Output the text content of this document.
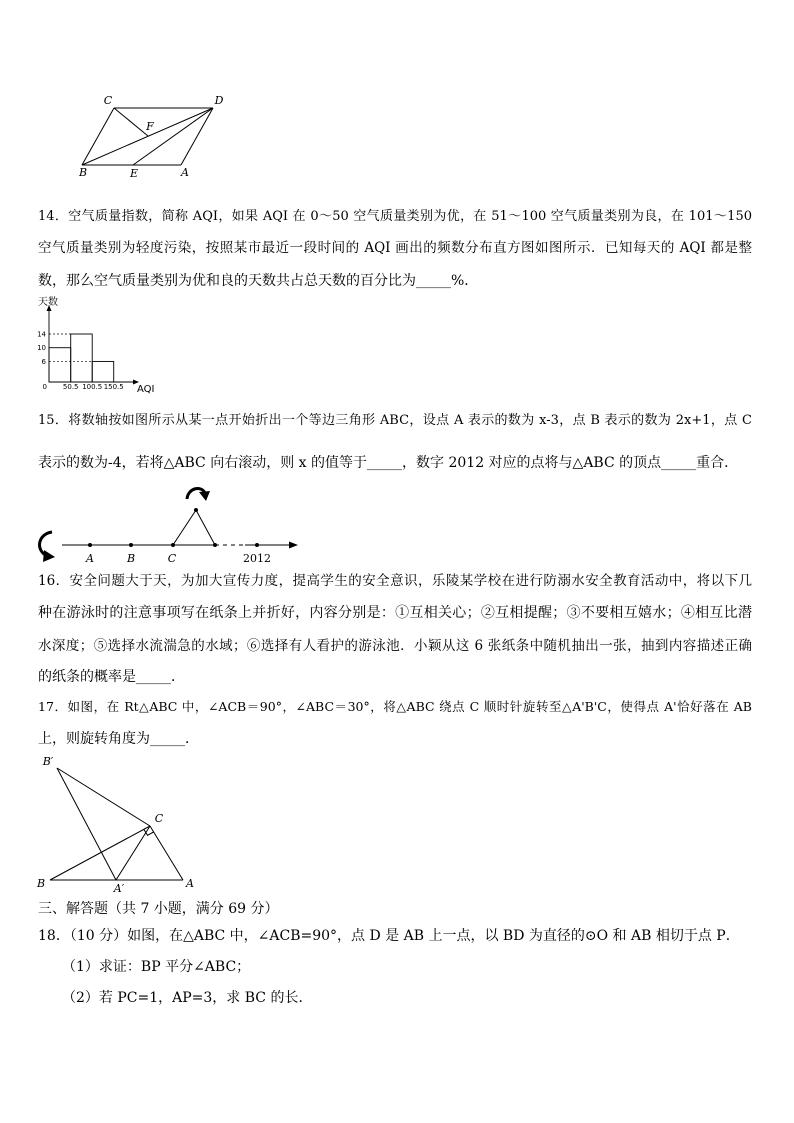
C	D
F
B	E	A
14．空气质量指数，简称 AQI，如果 AQI 在 0～50 空气质量类别为优，在 51～100 空气质量类别为良，在 101～150
空气质量类别为轻度污染，按照某市最近一段时间的 AQI 画出的频数分布直方图如图所示．已知每天的 AQI 都是整
数，那么空气质量类别为优和良的天数共占总天数的百分比为_____%．
14
10
6
0 50.5 100.5 150.5
天数
AQI
15．将数轴按如图所示从某一点开始折出一个等边三角形 ABC，设点 A 表示的数为 x-3，点 B 表示的数为 2x+1，点 C
表示的数为-4，若将△ABC 向右滚动，则 x 的值等于_____，数字 2012 对应的点将与△ABC 的顶点_____重合．
A	B	C	2012
16．安全问题大于天，为加大宣传力度，提高学生的安全意识，乐陵某学校在进行防溺水安全教育活动中，将以下几
种在游泳时的注意事项写在纸条上并折好，内容分别是：①互相关心；②互相提醒；③不要相互嬉水；④相互比潜
水深度；⑤选择水流湍急的水域；⑥选择有人看护的游泳池．小颖从这 6 张纸条中随机抽出一张，抽到内容描述正确
的纸条的概率是_____．
17．如图，在 Rt△ABC 中，∠ACB＝90°，∠ABC＝30°，将△ABC 绕点 C 顺时针旋转至△A'B'C，使得点 A'恰好落在 AB
上，则旋转角度为_____．
B′
C
B	A′	A
三、解答题（共 7 小题，满分 69 分）
18．（10 分）如图，在△ABC 中，∠ACB=90°，点 D 是 AB 上一点，以 BD 为直径的⊙O 和 AB 相切于点 P．
（1）求证：BP 平分∠ABC；
（2）若 PC=1，AP=3，求 BC 的长．
